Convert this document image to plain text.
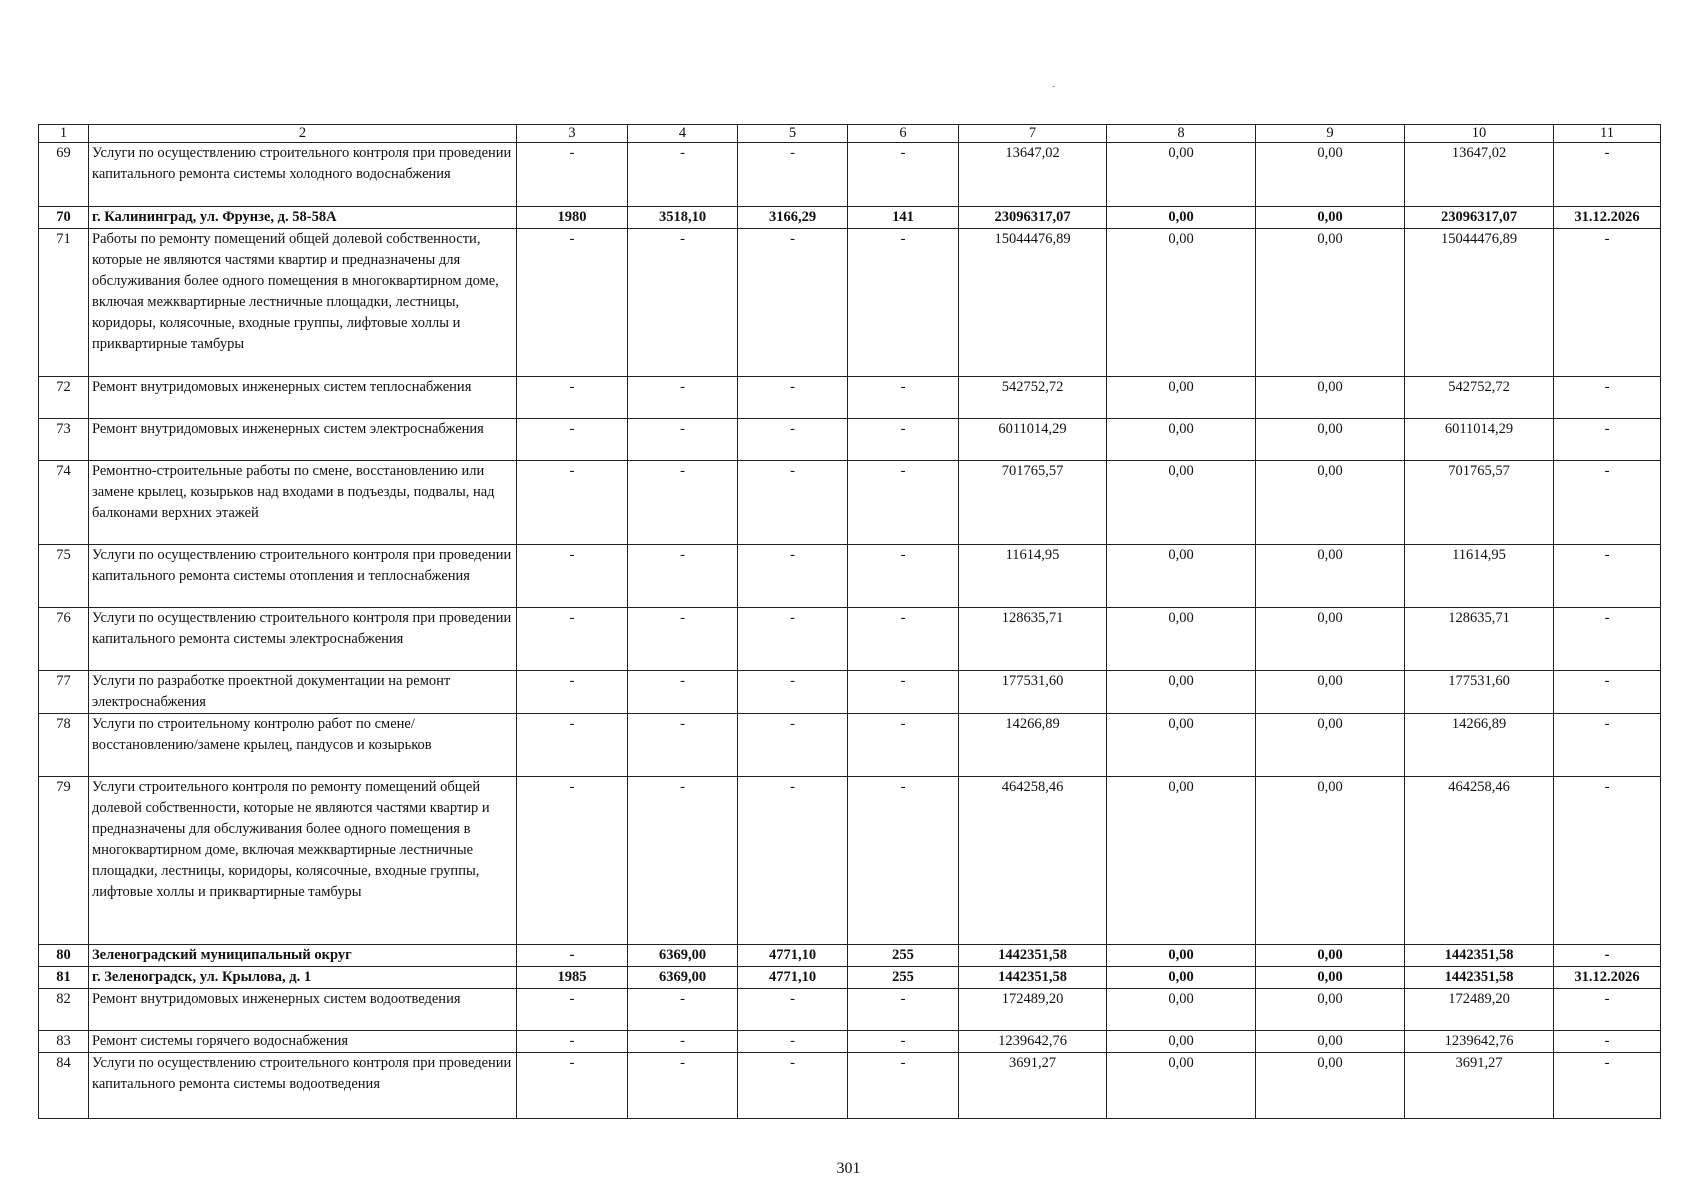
1	2	3	4	5	6	7	8	9	10	11
69	Услуги по осуществлению строительного контроля при проведении капитального ремонта системы холодного водоснабжения	-	-	-	-	13647,02	0,00	0,00	13647,02	-
70	г. Калининград, ул. Фрунзе, д. 58-58А	1980	3518,10	3166,29	141	23096317,07	0,00	0,00	23096317,07	31.12.2026
71	Работы по ремонту помещений общей долевой собственности, которые не являются частями квартир и предназначены для обслуживания более одного помещения в многоквартирном доме, включая межквартирные лестничные площадки, лестницы, коридоры, колясочные, входные группы, лифтовые холлы и приквартирные тамбуры	-	-	-	-	15044476,89	0,00	0,00	15044476,89	-
72	Ремонт внутридомовых инженерных систем теплоснабжения	-	-	-	-	542752,72	0,00	0,00	542752,72	-
73	Ремонт внутридомовых инженерных систем электроснабжения	-	-	-	-	6011014,29	0,00	0,00	6011014,29	-
74	Ремонтно-строительные работы по смене, восстановлению или замене крылец, козырьков над входами в подъезды, подвалы, над балконами верхних этажей	-	-	-	-	701765,57	0,00	0,00	701765,57	-
75	Услуги по осуществлению строительного контроля при проведении капитального ремонта системы отопления и теплоснабжения	-	-	-	-	11614,95	0,00	0,00	11614,95	-
76	Услуги по осуществлению строительного контроля при проведении капитального ремонта системы электроснабжения	-	-	-	-	128635,71	0,00	0,00	128635,71	-
77	Услуги по разработке проектной документации на ремонт электроснабжения	-	-	-	-	177531,60	0,00	0,00	177531,60	-
78	Услуги по строительному контролю работ по смене/восстановлению/замене крылец, пандусов и козырьков	-	-	-	-	14266,89	0,00	0,00	14266,89	-
79	Услуги строительного контроля по ремонту помещений общей долевой собственности, которые не являются частями квартир и предназначены для обслуживания более одного помещения в многоквартирном доме, включая межквартирные лестничные площадки, лестницы, коридоры, колясочные, входные группы, лифтовые холлы и приквартирные тамбуры	-	-	-	-	464258,46	0,00	0,00	464258,46	-
80	Зеленоградский муниципальный округ	-	6369,00	4771,10	255	1442351,58	0,00	0,00	1442351,58	-
81	г. Зеленоградск, ул. Крылова, д. 1	1985	6369,00	4771,10	255	1442351,58	0,00	0,00	1442351,58	31.12.2026
82	Ремонт внутридомовых инженерных систем водоотведения	-	-	-	-	172489,20	0,00	0,00	172489,20	-
83	Ремонт системы горячего водоснабжения	-	-	-	-	1239642,76	0,00	0,00	1239642,76	-
84	Услуги по осуществлению строительного контроля при проведении капитального ремонта системы водоотведения	-	-	-	-	3691,27	0,00	0,00	3691,27	-
301
